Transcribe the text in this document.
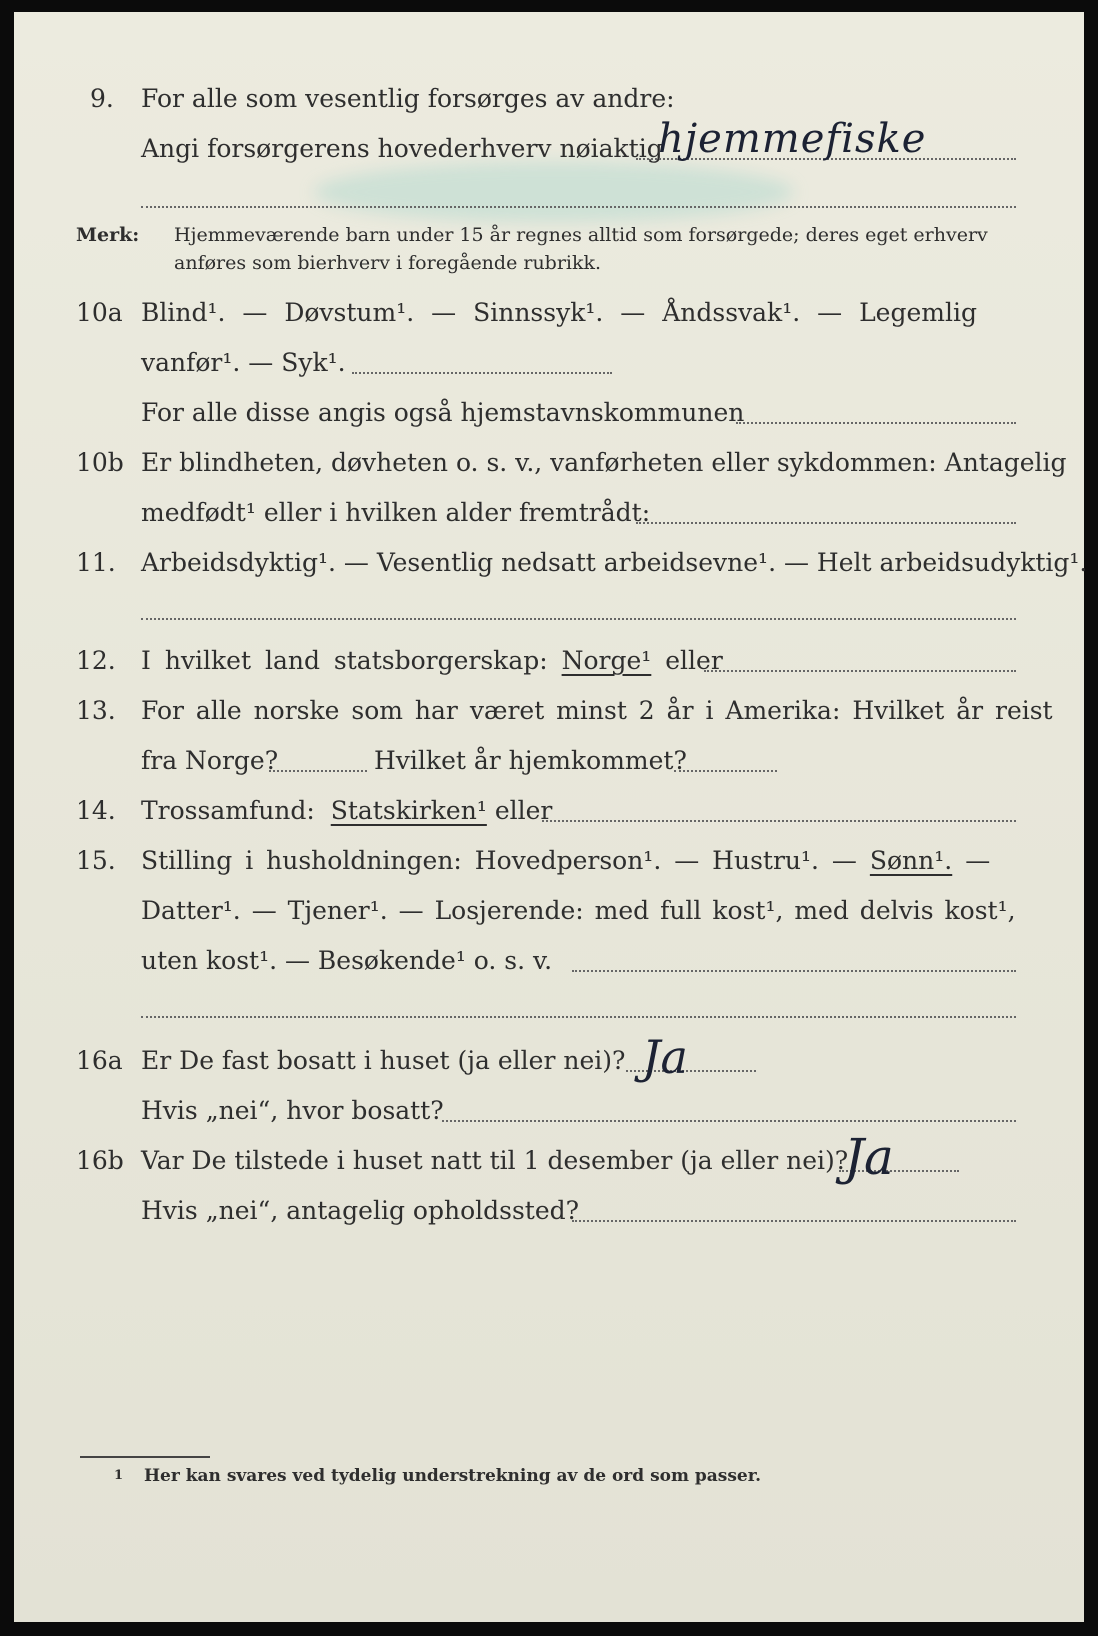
9. For alle som vesentlig forsørges av andre:
Angi forsørgerens hovederhverv nøiaktig
hjemmefiske
Merk: Hjemmeværende barn under 15 år regnes alltid som forsørgede; deres eget erhverv
anføres som bierhverv i foregående rubrikk.
10a Blind¹. — Døvstum¹. — Sinnssyk¹. — Åndssvak¹. — Legemlig
vanfør¹. — Syk¹.
For alle disse angis også hjemstavnskommunen
10b Er blindheten, døvheten o. s. v., vanførheten eller sykdommen: Antagelig
medfødt¹ eller i hvilken alder fremtrådt:
11. Arbeidsdyktig¹. — Vesentlig nedsatt arbeidsevne¹. — Helt arbeidsudyktig¹.
12. I hvilket land statsborgerskap: Norge¹ eller
13. For alle norske som har været minst 2 år i Amerika: Hvilket år reist
fra Norge?	Hvilket år hjemkommet?
14. Trossamfund: Statskirken¹ eller
15. Stilling i husholdningen: Hovedperson¹. — Hustru¹. — Sønn¹. —
Datter¹. — Tjener¹. — Losjerende: med full kost¹, med delvis kost¹,
uten kost¹. — Besøkende¹ o. s. v.
16a Er De fast bosatt i huset (ja eller nei)? Ja
Hvis „nei“, hvor bosatt?
16b Var De tilstede i huset natt til 1 desember (ja eller nei)?
Ja
Hvis „nei“, antagelig opholdssted?
1 Her kan svares ved tydelig understrekning av de ord som passer.
